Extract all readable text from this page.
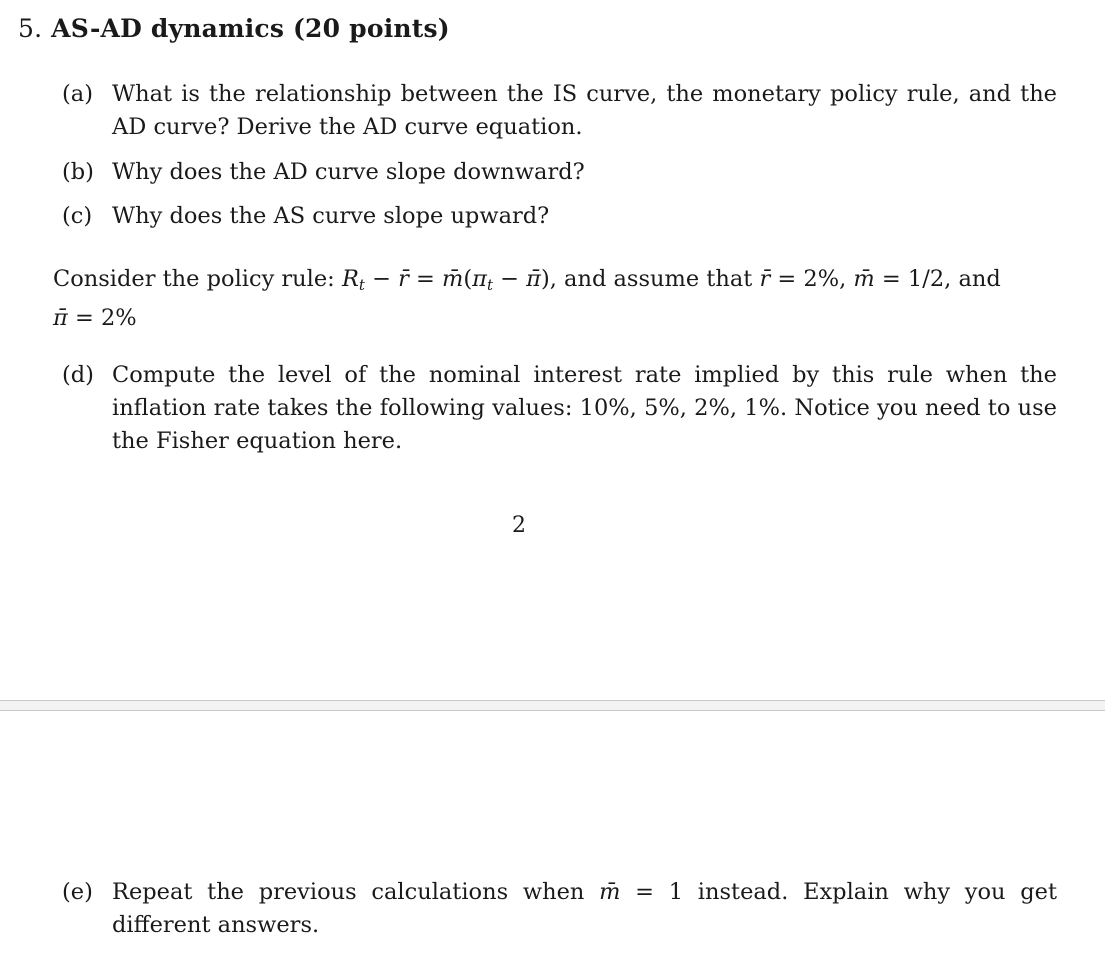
5. AS-AD dynamics (20 points)
(a) What is the relationship between the IS curve, the monetary policy rule, and the AD curve? Derive the AD curve equation.
(b) Why does the AD curve slope downward?
(c) Why does the AS curve slope upward?
Consider the policy rule: $R_t$ − r̄ = $m̄(\pi_t$ − π̄), and assume that r̄ = 2%, m̄ = 1/2, and
π̄ = 2%
(d) Compute the level of the nominal interest rate implied by this rule when the inflation rate takes the following values: 10%, 5%, 2%, 1%. Notice you need to use the Fisher equation here.
2
(e) Repeat the previous calculations when m̄ = 1 instead. Explain why you get different answers.
